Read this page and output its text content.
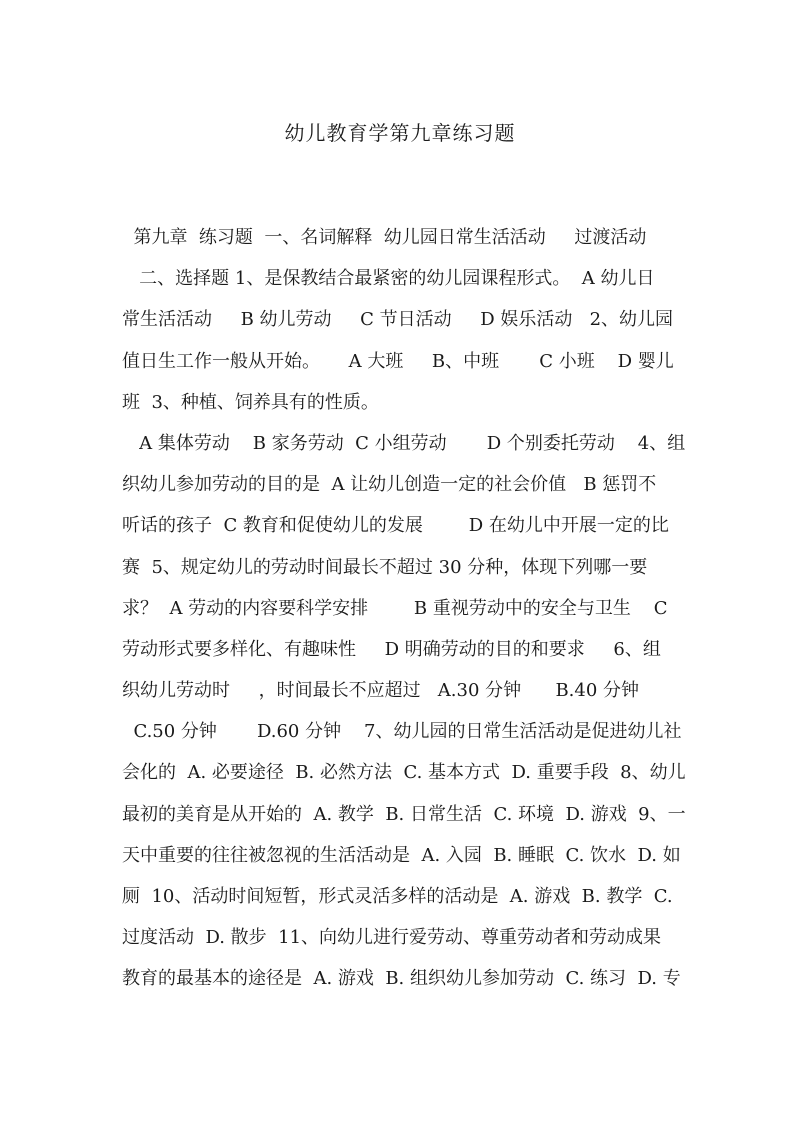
幼儿教育学第九章练习题
第九章  练习题  一、名词解释  幼儿园日常生活活动     过渡活动
二、选择题 1、是保教结合最紧密的幼儿园课程形式。  A 幼儿日
常生活活动     B 幼儿劳动     C 节日活动     D 娱乐活动   2、幼儿园
值日生工作一般从开始。     A 大班     B、中班       C 小班    D 婴儿
班  3、种植、饲养具有的性质。
A 集体劳动    B 家务劳动  C 小组劳动       D 个别委托劳动    4、组
织幼儿参加劳动的目的是  A 让幼儿创造一定的社会价值   B 惩罚不
听话的孩子  C 教育和促使幼儿的发展        D 在幼儿中开展一定的比
赛  5、规定幼儿的劳动时间最长不超过 30 分种，体现下列哪一要
求？  A 劳动的内容要科学安排        B 重视劳动中的安全与卫生    C
劳动形式要多样化、有趣味性     D 明确劳动的目的和要求     6、组
织幼儿劳动时     ，时间最长不应超过   A.30 分钟      B.40 分钟
C.50 分钟       D.60 分钟    7、幼儿园的日常生活活动是促进幼儿社
会化的  A. 必要途径  B. 必然方法  C. 基本方式  D. 重要手段  8、幼儿
最初的美育是从开始的  A. 教学  B. 日常生活  C. 环境  D. 游戏  9、一
天中重要的往往被忽视的生活活动是  A. 入园  B. 睡眠  C. 饮水  D. 如
厕  10、活动时间短暂，形式灵活多样的活动是  A. 游戏  B. 教学  C.
过度活动  D. 散步  11、向幼儿进行爱劳动、尊重劳动者和劳动成果
教育的最基本的途径是  A. 游戏  B. 组织幼儿参加劳动  C. 练习  D. 专
